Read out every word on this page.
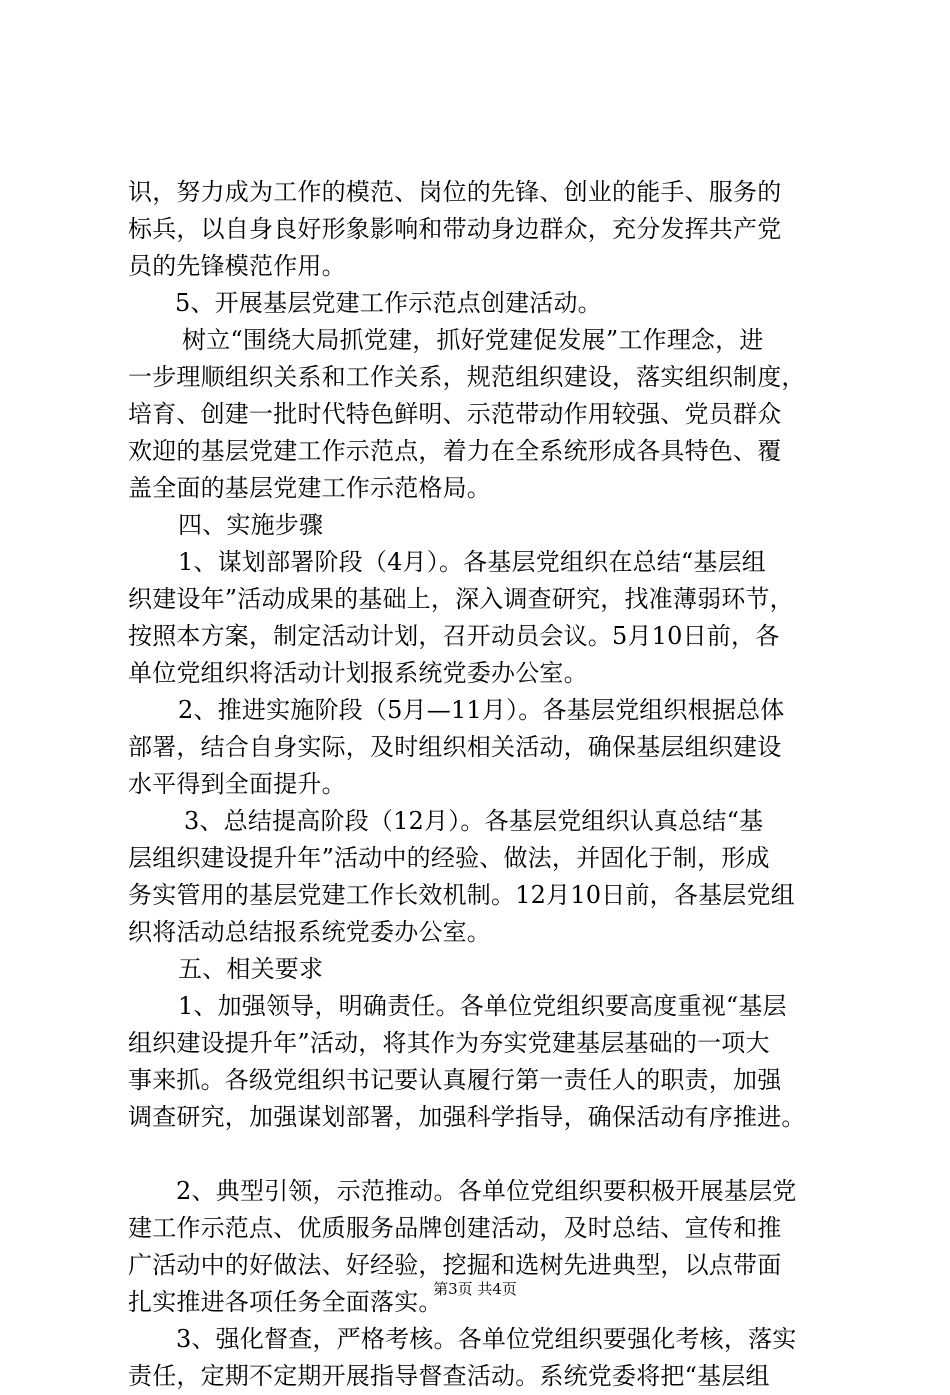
识，努力成为工作的模范、岗位的先锋、创业的能手、服务的
标兵，以自身良好形象影响和带动身边群众，充分发挥共产党
员的先锋模范作用。
5、开展基层党建工作示范点创建活动。
树立“围绕大局抓党建，抓好党建促发展”工作理念，进
一步理顺组织关系和工作关系，规范组织建设，落实组织制度，
培育、创建一批时代特色鲜明、示范带动作用较强、党员群众
欢迎的基层党建工作示范点，着力在全系统形成各具特色、覆
盖全面的基层党建工作示范格局。
四、实施步骤
1、谋划部署阶段（4月）。各基层党组织在总结“基层组
织建设年”活动成果的基础上，深入调查研究，找准薄弱环节，
按照本方案，制定活动计划，召开动员会议。5月10日前，各
单位党组织将活动计划报系统党委办公室。
2、推进实施阶段（5月—11月）。各基层党组织根据总体
部署，结合自身实际，及时组织相关活动，确保基层组织建设
水平得到全面提升。
3、总结提高阶段（12月）。各基层党组织认真总结“基
层组织建设提升年”活动中的经验、做法，并固化于制，形成
务实管用的基层党建工作长效机制。12月10日前，各基层党组
织将活动总结报系统党委办公室。
五、相关要求
1、加强领导，明确责任。各单位党组织要高度重视“基层
组织建设提升年”活动，将其作为夯实党建基层基础的一项大
事来抓。各级党组织书记要认真履行第一责任人的职责，加强
调查研究，加强谋划部署，加强科学指导，确保活动有序推进。
2、典型引领，示范推动。各单位党组织要积极开展基层党
建工作示范点、优质服务品牌创建活动，及时总结、宣传和推
广活动中的好做法、好经验，挖掘和选树先进典型，以点带面
扎实推进各项任务全面落实。
3、强化督查，严格考核。各单位党组织要强化考核，落实
责任，定期不定期开展指导督查活动。系统党委将把“基层组
第3页 共4页
